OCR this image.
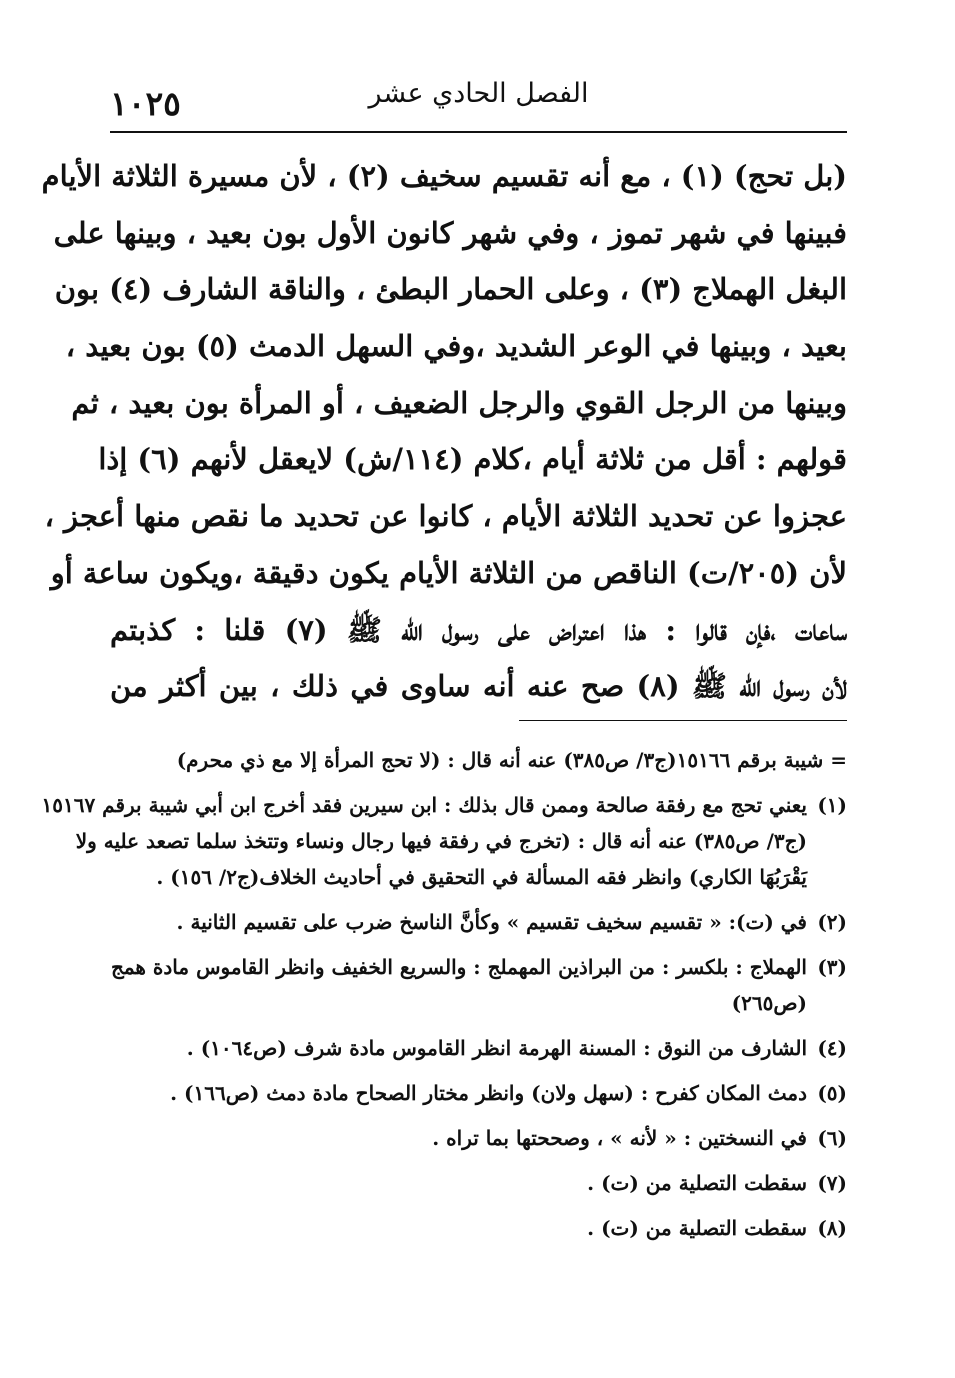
الفصل الحادي عشر
١٠٢٥
(بل تحج) (١) ، مع أنه تقسيم سخيف (٢) ، لأن مسيرة الثلاثة الأيام
فبينها في شهر تموز ، وفي شهر كانون الأول بون بعيد ، وبينها على
البغل الهملاج (٣) ، وعلى الحمار البطئ ، والناقة الشارف (٤) بون
بعيد ، وبينها في الوعر الشديد ،وفي السهل الدمث (٥) بون بعيد ،
وبينها من الرجل القوي والرجل الضعيف ، أو المرأة بون بعيد ، ثم
قولهم : أقل من ثلاثة أيام ،كلام (١١٤/ش) لايعقل لأنهم (٦) إذا
عجزوا عن تحديد الثلاثة الأيام ، كانوا عن تحديد ما نقص منها أعجز ،
لأن (٢٠٥/ت) الناقص من الثلاثة الأيام يكون دقيقة ،ويكون ساعة أو
ساعات ،فإن قالوا : هذا اعتراض على رسول الله ﷺ (٧) قلنا : كذبتم
لأن رسول الله ﷺ (٨) صح عنه أنه ساوى في ذلك ، بين أكثر من
= شيبة برقم ١٥١٦٦(ج٣/ ص٣٨٥) عنه أنه قال : (لا تحج المرأة إلا مع ذي محرم)
(١)يعني تحج مع رفقة صالحة وممن قال بذلك : ابن سيرين فقد أخرج ابن أبي شيبة برقم ١٥١٦٧
(ج٣/ ص٣٨٥) عنه أنه قال : (تخرج في رفقة فيها رجال ونساء وتتخذ سلما تصعد عليه ولا
يَقْرَبُهَا الكاري) وانظر فقه المسألة في التحقيق في أحاديث الخلاف(ج٢/ ١٥٦) .
(٢)في (ت): « تقسيم سخيف تقسيم » وكأنَّ الناسخ ضرب على تقسيم الثانية .
(٣)الهملاج : بلكسر : من البراذين المهملج : والسريع الخفيف وانظر القاموس مادة همج
(ص٢٦٥)
(٤)الشارف من النوق : المسنة الهرمة انظر القاموس مادة شرف (ص١٠٦٤) .
(٥)دمث المكان كفرح : (سهل ولان) وانظر مختار الصحاح مادة دمث (ص١٦٦) .
(٦)في النسختين : « لأنه » ، وصححتها بما تراه .
(٧)سقطت التصلية من (ت) .
(٨)سقطت التصلية من (ت) .
